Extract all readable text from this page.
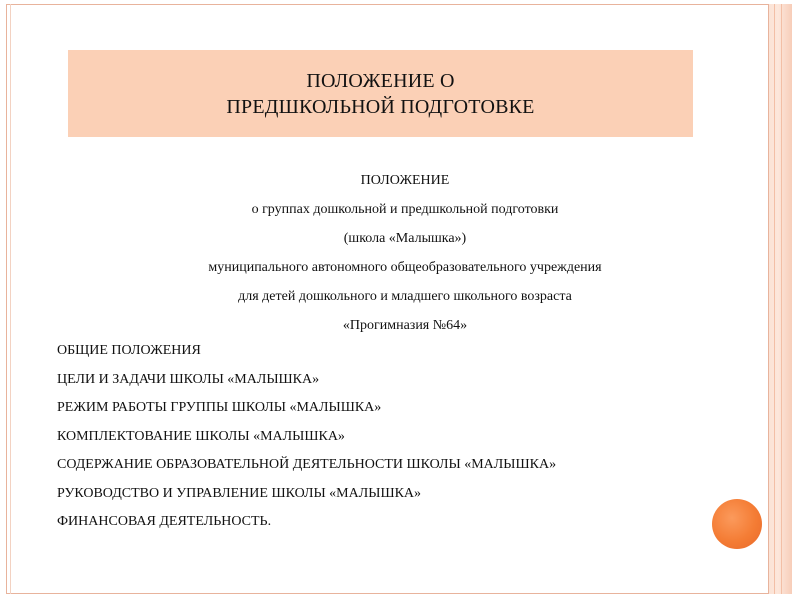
ПОЛОЖЕНИЕ О
ПРЕДШКОЛЬНОЙ ПОДГОТОВКЕ
ПОЛОЖЕНИЕ
о группах дошкольной и предшкольной подготовки
(школа «Малышка»)
муниципального автономного общеобразовательного учреждения
для детей дошкольного и младшего школьного возраста
«Прогимназия №64»
ОБЩИЕ ПОЛОЖЕНИЯ
ЦЕЛИ И ЗАДАЧИ ШКОЛЫ «МАЛЫШКА»
РЕЖИМ РАБОТЫ ГРУППЫ ШКОЛЫ «МАЛЫШКА»
КОМПЛЕКТОВАНИЕ ШКОЛЫ «МАЛЫШКА»
СОДЕРЖАНИЕ ОБРАЗОВАТЕЛЬНОЙ ДЕЯТЕЛЬНОСТИ ШКОЛЫ «МАЛЫШКА»
РУКОВОДСТВО И УПРАВЛЕНИЕ ШКОЛЫ «МАЛЫШКА»
ФИНАНСОВАЯ ДЕЯТЕЛЬНОСТЬ.
